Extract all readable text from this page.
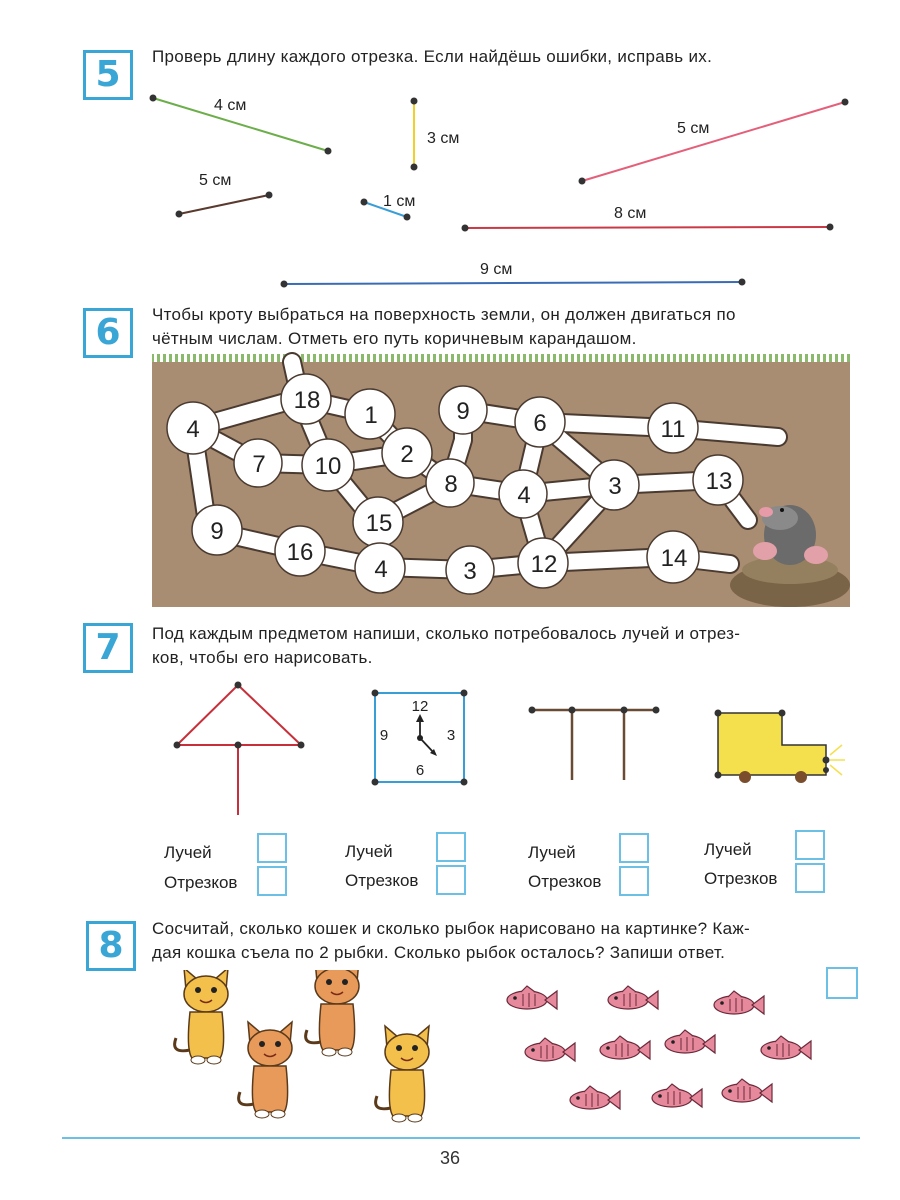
5	Проверь длину каждого отрезка. Если найдёшь ошибки, исправь их.
4 см
3 см
5 см
5 см
1 см
8 см
9 см
6	Чтобы кроту выбраться на поверхность земли, он должен двигаться по
чётным числам. Отметь его путь коричневым карандашом.
18
4
1	9	6	11
7 10 2
8 4	3	13
15
9
16
4	3 12	14
7	Под каждым предметом напиши, сколько потребовалось лучей и отрез-
ков, чтобы его нарисовать.
12
3
6
9
Лучей
Отрезков
Лучей
Отрезков
Лучей
Отрезков
Лучей
Отрезков
8	Сосчитай, сколько кошек и сколько рыбок нарисовано на картинке? Каж-
дая кошка съела по 2 рыбки. Сколько рыбок осталось? Запиши ответ.
36
